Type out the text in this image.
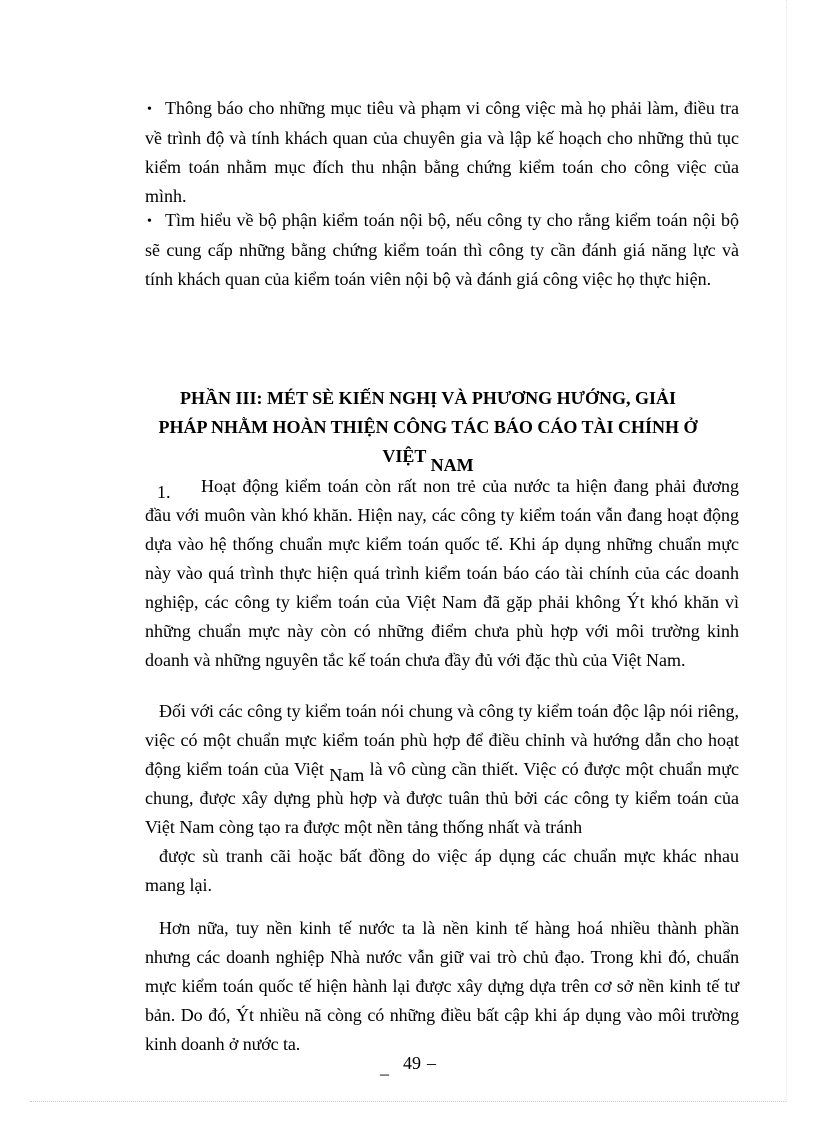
• Thông báo cho những mục tiêu và phạm vi công việc mà họ phải làm, điều tra về trình độ và tính khách quan của chuyên gia và lập kế hoạch cho những thủ tục kiểm toán nhằm mục đích thu nhận bằng chứng kiểm toán cho công việc của mình.

• Tìm hiểu về bộ phận kiểm toán nội bộ, nếu công ty cho rằng kiểm toán nội bộ sẽ cung cấp những bằng chứng kiểm toán thì công ty cần đánh giá năng lực và tính khách quan của kiểm toán viên nội bộ và đánh giá công việc họ thực hiện.

PHẦN III: MÉT SÈ KIẾN NGHỊ VÀ PHƯƠNG HƯỚNG, GIẢI
PHÁP NHẰM HOÀN THIỆN CÔNG TÁC BÁO CÁO TÀI CHÍNH Ở
VIỆT NAM

1. Hoạt động kiểm toán còn rất non trẻ của nước ta hiện đang phải đương đầu với muôn vàn khó khăn. Hiện nay, các công ty kiểm toán vẫn đang hoạt động dựa vào hệ thống chuẩn mực kiểm toán quốc tế. Khi áp dụng những chuẩn mực này vào quá trình thực hiện quá trình kiểm toán báo cáo tài chính của các doanh nghiệp, các công ty kiểm toán của Việt Nam đã gặp phải không Ýt khó khăn vì những chuẩn mực này còn có những điểm chưa phù hợp với môi trường kinh doanh và những nguyên tắc kế toán chưa đầy đủ với đặc thù của Việt Nam.

Đối với các công ty kiểm toán nói chung và công ty kiểm toán độc lập nói riêng, việc có một chuẩn mực kiểm toán phù hợp để điều chỉnh và hướng dẫn cho hoạt động kiểm toán của Việt Nam là vô cùng cần thiết. Việc có được một chuẩn mực chung, được xây dựng phù hợp và được tuân thủ bởi các công ty kiểm toán của Việt Nam còng tạo ra được một nền tảng thống nhất và tránh

được sù tranh cãi hoặc bất đồng do việc áp dụng các chuẩn mực khác nhau mang lại.

Hơn nữa, tuy nền kinh tế nước ta là nền kinh tế hàng hoá nhiều thành phần nhưng các doanh nghiệp Nhà nước vẫn giữ vai trò chủ đạo. Trong khi đó, chuẩn mực kiểm toán quốc tế hiện hành lại được xây dựng dựa trên cơ sở nền kinh tế tư bản. Do đó, Ýt nhiều nã còng có những điều bất cập khi áp dụng vào môi trường kinh doanh ở nước ta.

_ 49 –
